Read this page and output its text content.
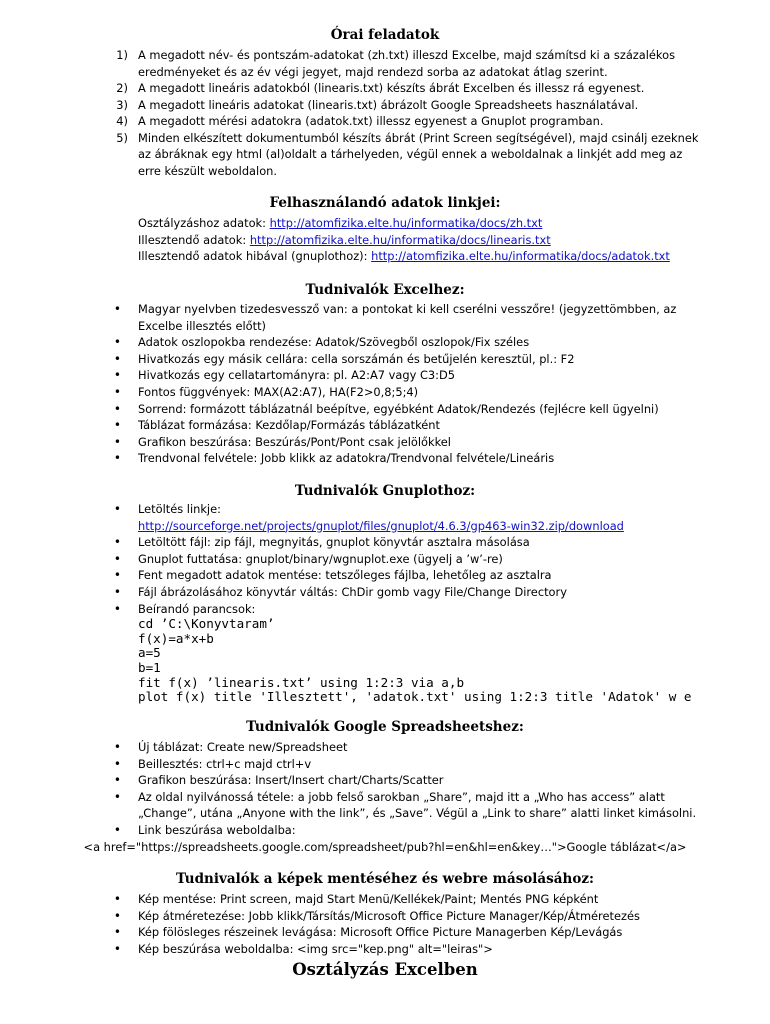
Órai feladatok
1) A megadott név- és pontszám-adatokat (zh.txt) illeszd Excelbe, majd számítsd ki a százalékos eredményeket és az év végi jegyet, majd rendezd sorba az adatokat átlag szerint.
2) A megadott lineáris adatokból (linearis.txt) készíts ábrát Excelben és illessz rá egyenest.
3) A megadott lineáris adatokat (linearis.txt) ábrázolt Google Spreadsheets használatával.
4) A megadott mérési adatokra (adatok.txt) illessz egyenest a Gnuplot programban.
5) Minden elkészített dokumentumból készíts ábrát (Print Screen segítségével), majd csinálj ezeknek az ábráknak egy html (al)oldalt a tárhelyeden, végül ennek a weboldalnak a linkjét add meg az erre készült weboldalon.
Felhasználandó adatok linkjei:
Osztályzáshoz adatok: http://atomfizika.elte.hu/informatika/docs/zh.txt
Illesztendő adatok: http://atomfizika.elte.hu/informatika/docs/linearis.txt
Illesztendő adatok hibával (gnuplothoz): http://atomfizika.elte.hu/informatika/docs/adatok.txt
Tudnivalók Excelhez:
•
Magyar nyelvben tizedesvessző van: a pontokat ki kell cserélni vesszőre! (jegyzettömbben, az Excelbe illesztés előtt)
•
Adatok oszlopokba rendezése: Adatok/Szövegből oszlopok/Fix széles
•
Hivatkozás egy másik cellára: cella sorszámán és betűjelén keresztül, pl.: F2
•
Hivatkozás egy cellatartományra: pl. A2:A7 vagy C3:D5
•
Fontos függvények: MAX(A2:A7), HA(F2>0,8;5;4)
•
Sorrend: formázott táblázatnál beépítve, egyébként Adatok/Rendezés (fejlécre kell ügyelni)
•
Táblázat formázása: Kezdőlap/Formázás táblázatként
•
Grafikon beszúrása: Beszúrás/Pont/Pont csak jelölőkkel
•
Trendvonal felvétele: Jobb klikk az adatokra/Trendvonal felvétele/Lineáris
Tudnivalók Gnuplothoz:
•
Letöltés linkje:
http://sourceforge.net/projects/gnuplot/files/gnuplot/4.6.3/gp463-win32.zip/download
•
Letöltött fájl: zip fájl, megnyitás, gnuplot könyvtár asztalra másolása
•
Gnuplot futtatása: gnuplot/binary/wgnuplot.exe (ügyelj a ’w’-re)
•
Fent megadott adatok mentése: tetszőleges fájlba, lehetőleg az asztalra
•
Fájl ábrázolásához könyvtár váltás: ChDir gomb vagy File/Change Directory
•
Beírandó parancsok:
cd ’C:\Konyvtaram’
f(x)=a*x+b
a=5
b=1
fit f(x) ’linearis.txt’ using 1:2:3 via a,b
plot f(x) title 'Illesztett', 'adatok.txt' using 1:2:3 title 'Adatok' w e
Tudnivalók Google Spreadsheetshez:
•
Új táblázat: Create new/Spreadsheet
•
Beillesztés: ctrl+c majd ctrl+v
•
Grafikon beszúrása: Insert/Insert chart/Charts/Scatter
•
Az oldal nyilvánossá tétele: a jobb felső sarokban „Share”, majd itt a „Who has access” alatt „Change”, utána „Anyone with the link”, és „Save”. Végül a „Link to share” alatti linket kimásolni.
•
Link beszúrása weboldalba:
<a href="https://spreadsheets.google.com/spreadsheet/pub?hl=en&hl=en&key…">Google táblázat</a>
Tudnivalók a képek mentéséhez és webre másolásához:
•
Kép mentése: Print screen, majd Start Menü/Kellékek/Paint; Mentés PNG képként
•
Kép átméretezése: Jobb klikk/Társítás/Microsoft Office Picture Manager/Kép/Átméretezés
•
Kép fölösleges részeinek levágása: Microsoft Office Picture Managerben Kép/Levágás
•
Kép beszúrása weboldalba: <img src="kep.png" alt="leiras">
Osztályzás Excelben
